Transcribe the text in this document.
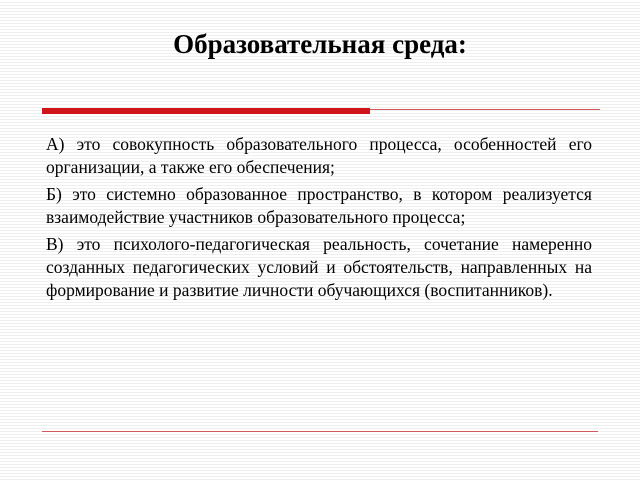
Образовательная среда:

А) это совокупность образовательного процесса, особенностей его организации, а также его обеспечения;

Б) это системно образованное пространство, в котором реализуется взаимодействие участников образовательного процесса;

В) это психолого-педагогическая реальность, сочетание намеренно созданных педагогических условий и обстоятельств, направленных на формирование и развитие личности обучающихся (воспитанников).
